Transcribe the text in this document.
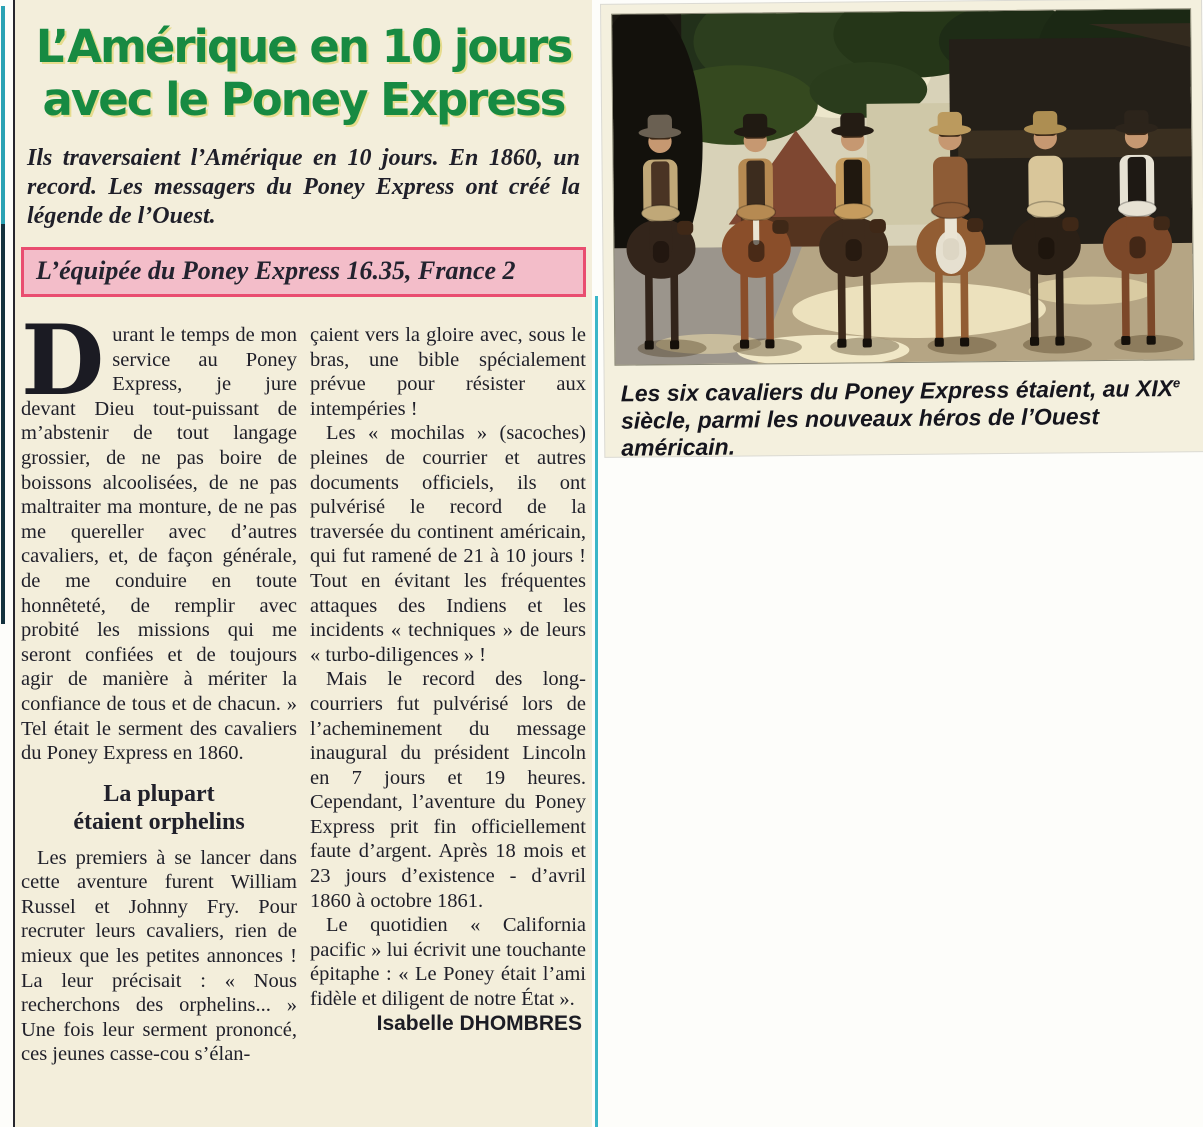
L’Amérique en 10 jours
avec le Poney Express

Ils traversaient l’Amérique en 10 jours. En 1860, un record. Les messagers du Poney Express ont créé la légende de l’Ouest.

L’équipée du Poney Express 16.35, France 2

Durant le temps de mon service au Poney Express, je jure devant Dieu tout-puissant de m’abstenir de tout langage grossier, de ne pas boire de boissons alcoolisées, de ne pas maltraiter ma monture, de ne pas me quereller avec d’autres cavaliers, et, de façon générale, de me conduire en toute honnêteté, de remplir avec probité les missions qui me seront confiées et de toujours agir de manière à mériter la confiance de tous et de chacun. » Tel était le serment des cavaliers du Poney Express en 1860.

La plupart
étaient orphelins

Les premiers à se lancer dans cette aventure furent William Russel et Johnny Fry. Pour recruter leurs cavaliers, rien de mieux que les petites annonces ! La leur précisait : « Nous recherchons des orphelins... » Une fois leur serment prononcé, ces jeunes casse-cou s’élan-

çaient vers la gloire avec, sous le bras, une bible spécialement prévue pour résister aux intempéries !

Les « mochilas » (sacoches) pleines de courrier et autres documents officiels, ils ont pulvérisé le record de la traversée du continent américain, qui fut ramené de 21 à 10 jours ! Tout en évitant les fréquentes attaques des Indiens et les incidents « techniques » de leurs « turbo-diligences » !

Mais le record des long-courriers fut pulvérisé lors de l’acheminement du message inaugural du président Lincoln en 7 jours et 19 heures. Cependant, l’aventure du Poney Express prit fin officiellement faute d’argent. Après 18 mois et 23 jours d’existence - d’avril 1860 à octobre 1861.

Le quotidien « California pacific » lui écrivit une touchante épitaphe : « Le Poney était l’ami fidèle et diligent de notre État ».

Isabelle DHOMBRES

Les six cavaliers du Poney Express étaient, au XIXe siècle, parmi les nouveaux héros de l’Ouest américain.
